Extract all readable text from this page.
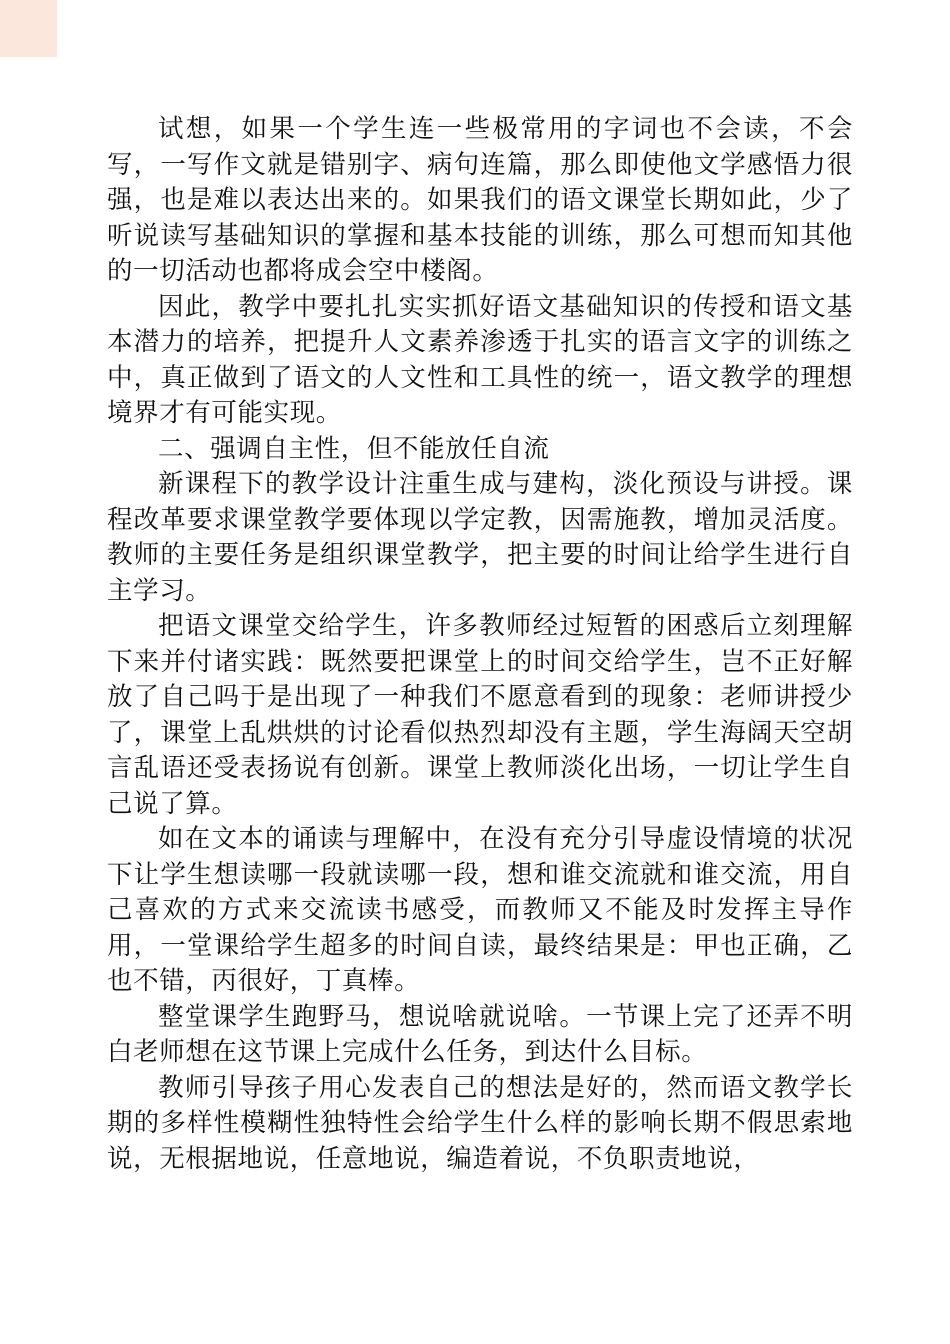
试想，如果一个学生连一些极常用的字词也不会读，不会写，一写作文就是错别字、病句连篇，那么即使他文学感悟力很强，也是难以表达出来的。如果我们的语文课堂长期如此，少了听说读写基础知识的掌握和基本技能的训练，那么可想而知其他的一切活动也都将成会空中楼阁。

因此，教学中要扎扎实实抓好语文基础知识的传授和语文基本潜力的培养，把提升人文素养渗透于扎实的语言文字的训练之中，真正做到了语文的人文性和工具性的统一，语文教学的理想境界才有可能实现。

二、强调自主性，但不能放任自流

新课程下的教学设计注重生成与建构，淡化预设与讲授。课程改革要求课堂教学要体现以学定教，因需施教，增加灵活度。教师的主要任务是组织课堂教学，把主要的时间让给学生进行自主学习。

把语文课堂交给学生，许多教师经过短暂的困惑后立刻理解下来并付诸实践：既然要把课堂上的时间交给学生，岂不正好解放了自己吗于是出现了一种我们不愿意看到的现象：老师讲授少了，课堂上乱烘烘的讨论看似热烈却没有主题，学生海阔天空胡言乱语还受表扬说有创新。课堂上教师淡化出场，一切让学生自己说了算。

如在文本的诵读与理解中，在没有充分引导虚设情境的状况下让学生想读哪一段就读哪一段，想和谁交流就和谁交流，用自己喜欢的方式来交流读书感受，而教师又不能及时发挥主导作用，一堂课给学生超多的时间自读，最终结果是：甲也正确，乙也不错，丙很好，丁真棒。

整堂课学生跑野马，想说啥就说啥。一节课上完了还弄不明白老师想在这节课上完成什么任务，到达什么目标。

教师引导孩子用心发表自己的想法是好的，然而语文教学长期的多样性模糊性独特性会给学生什么样的影响长期不假思索地说，无根据地说，任意地说，编造着说，不负职责地说，
